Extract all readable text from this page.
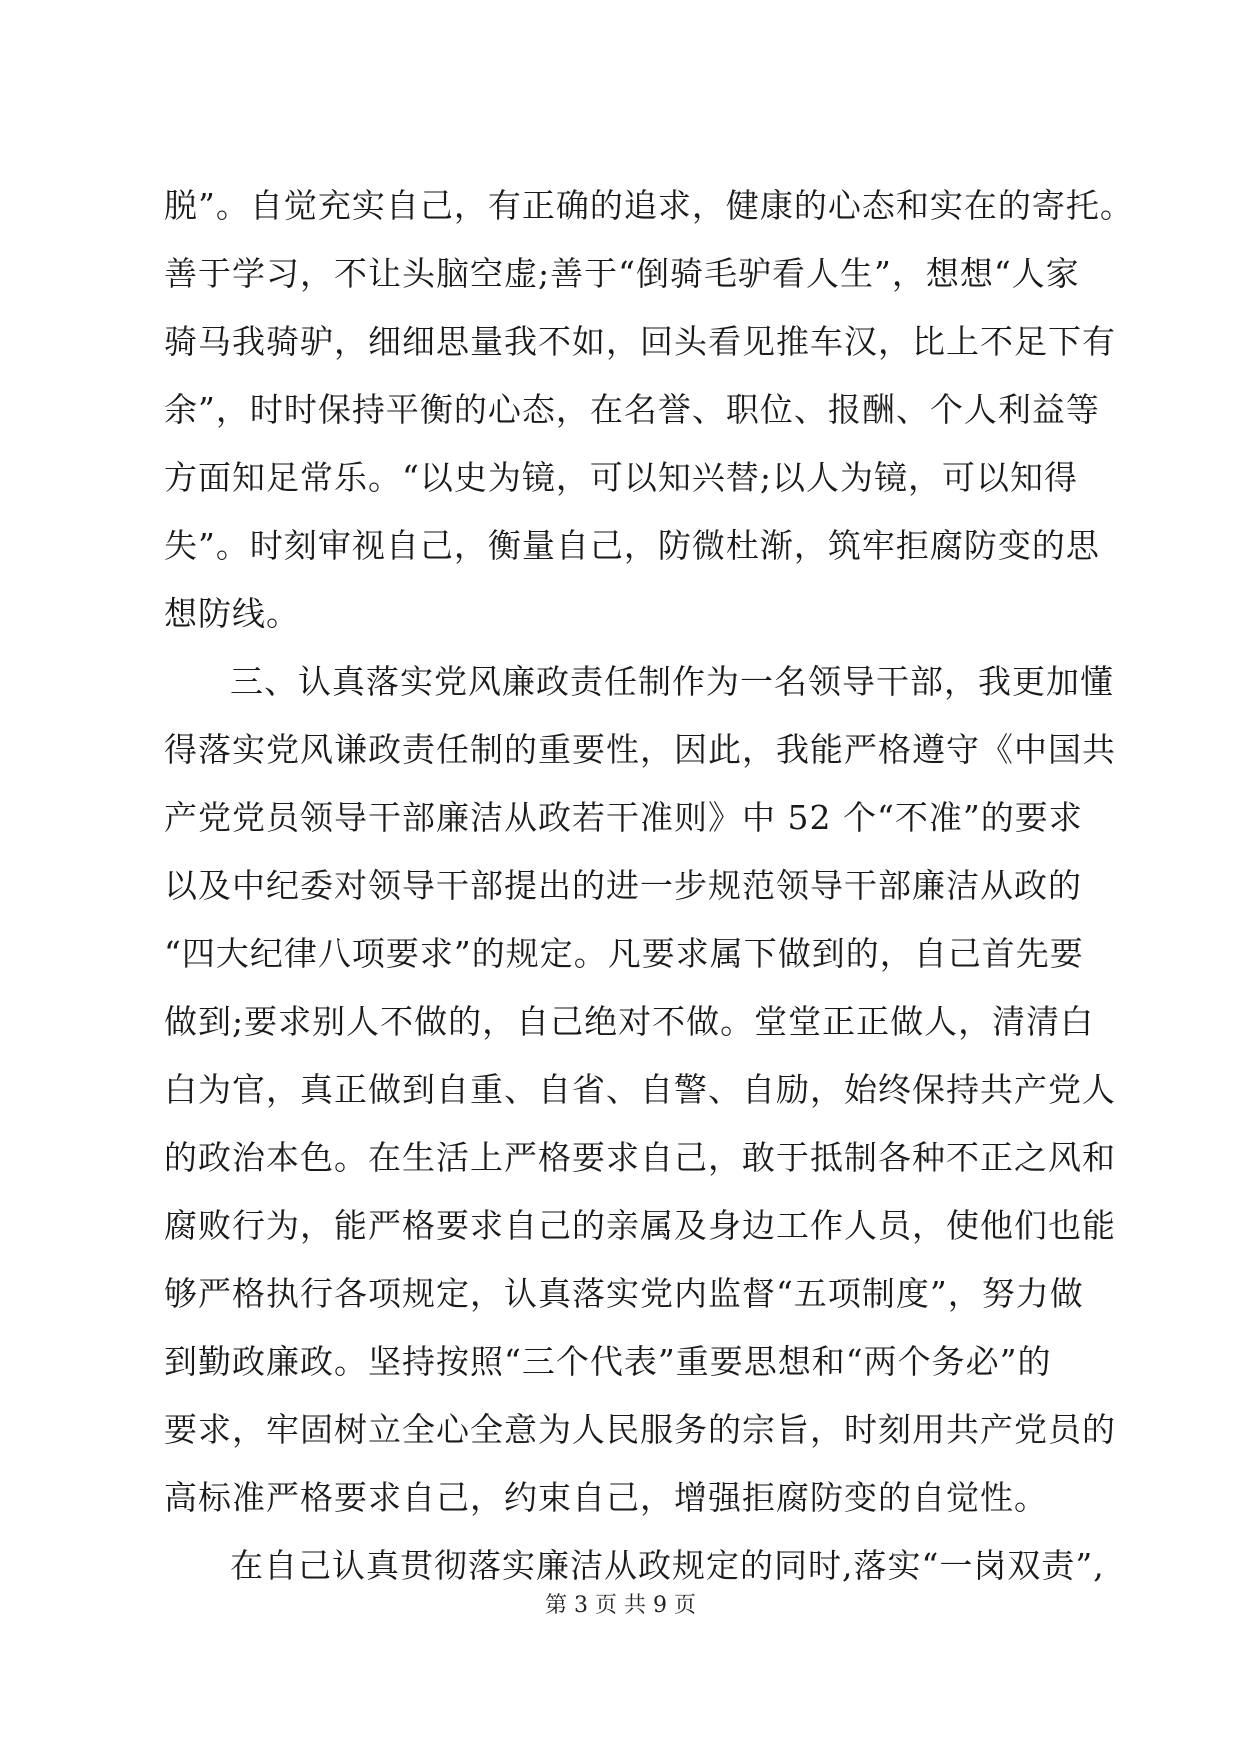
脱”。自觉充实自己，有正确的追求，健康的心态和实在的寄托。
善于学习，不让头脑空虚;善于“倒骑毛驴看人生”，想想“人家
骑马我骑驴，细细思量我不如，回头看见推车汉，比上不足下有
余”，时时保持平衡的心态，在名誉、职位、报酬、个人利益等
方面知足常乐。“以史为镜，可以知兴替;以人为镜，可以知得
失”。时刻审视自己，衡量自己，防微杜渐，筑牢拒腐防变的思
想防线。
三、认真落实党风廉政责任制作为一名领导干部，我更加懂
得落实党风谦政责任制的重要性，因此，我能严格遵守《中国共
产党党员领导干部廉洁从政若干准则》中 52 个“不准”的要求
以及中纪委对领导干部提出的进一步规范领导干部廉洁从政的
“四大纪律八项要求”的规定。凡要求属下做到的，自己首先要
做到;要求别人不做的，自己绝对不做。堂堂正正做人，清清白
白为官，真正做到自重、自省、自警、自励，始终保持共产党人
的政治本色。在生活上严格要求自己，敢于抵制各种不正之风和
腐败行为，能严格要求自己的亲属及身边工作人员，使他们也能
够严格执行各项规定，认真落实党内监督“五项制度”，努力做
到勤政廉政。坚持按照“三个代表”重要思想和“两个务必”的
要求，牢固树立全心全意为人民服务的宗旨，时刻用共产党员的
高标准严格要求自己，约束自己，增强拒腐防变的自觉性。
在自己认真贯彻落实廉洁从政规定的同时,落实“一岗双责”,
第 3 页 共 9 页
